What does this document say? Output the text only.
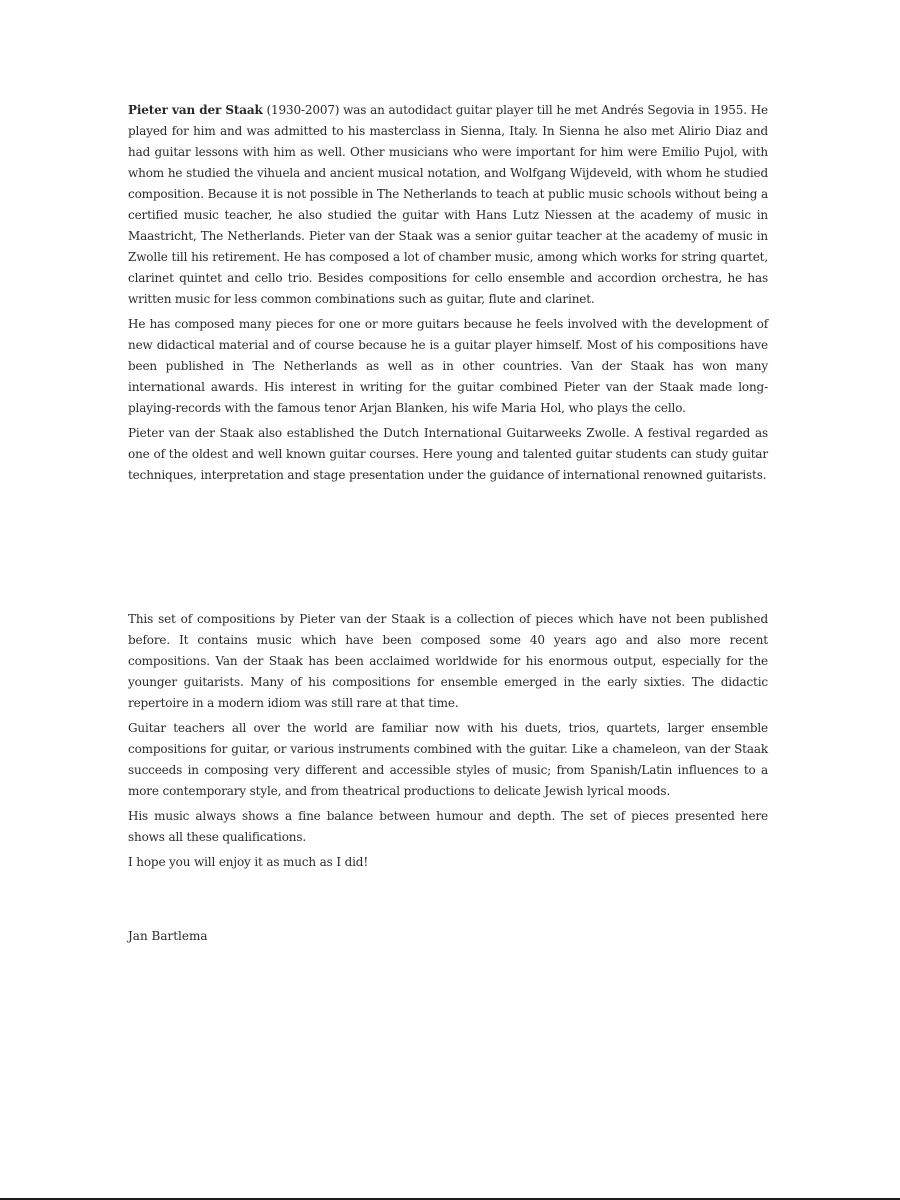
Pieter van der Staak (1930-2007) was an autodidact guitar player till he met Andrés Segovia in 1955. He played for him and was admitted to his masterclass in Sienna, Italy. In Sienna he also met Alirio Diaz and had guitar lessons with him as well. Other musicians who were important for him were Emilio Pujol, with whom he studied the vihuela and ancient musical notation, and Wolfgang Wijdeveld, with whom he studied composition. Because it is not possible in The Netherlands to teach at public music schools without being a certified music teacher, he also studied the guitar with Hans Lutz Niessen at the academy of music in Maastricht, The Netherlands. Pieter van der Staak was a senior guitar teacher at the academy of music in Zwolle till his retirement. He has composed a lot of chamber music, among which works for string quartet, clarinet quintet and cello trio. Besides compositions for cello ensemble and accordion orchestra, he has written music for less common combinations such as guitar, flute and clarinet.

He has composed many pieces for one or more guitars because he feels involved with the development of new didactical material and of course because he is a guitar player himself. Most of his compositions have been published in The Netherlands as well as in other countries. Van der Staak has won many international awards. His interest in writing for the guitar combined Pieter van der Staak made long-playing-records with the famous tenor Arjan Blanken, his wife Maria Hol, who plays the cello.

Pieter van der Staak also established the Dutch International Guitarweeks Zwolle. A festival regarded as one of the oldest and well known guitar courses. Here young and talented guitar students can study guitar techniques, interpretation and stage presentation under the guidance of international renowned guitarists.

This set of compositions by Pieter van der Staak is a collection of pieces which have not been published before. It contains music which have been composed some 40 years ago and also more recent compositions. Van der Staak has been acclaimed worldwide for his enormous output, especially for the younger guitarists. Many of his compositions for ensemble emerged in the early sixties. The didactic repertoire in a modern idiom was still rare at that time.

Guitar teachers all over the world are familiar now with his duets, trios, quartets, larger ensemble compositions for guitar, or various instruments combined with the guitar. Like a chameleon, van der Staak succeeds in composing very different and accessible styles of music; from Spanish/Latin influences to a more contemporary style, and from theatrical productions to delicate Jewish lyrical moods.

His music always shows a fine balance between humour and depth. The set of pieces presented here shows all these qualifications.

I hope you will enjoy it as much as I did!

Jan Bartlema
